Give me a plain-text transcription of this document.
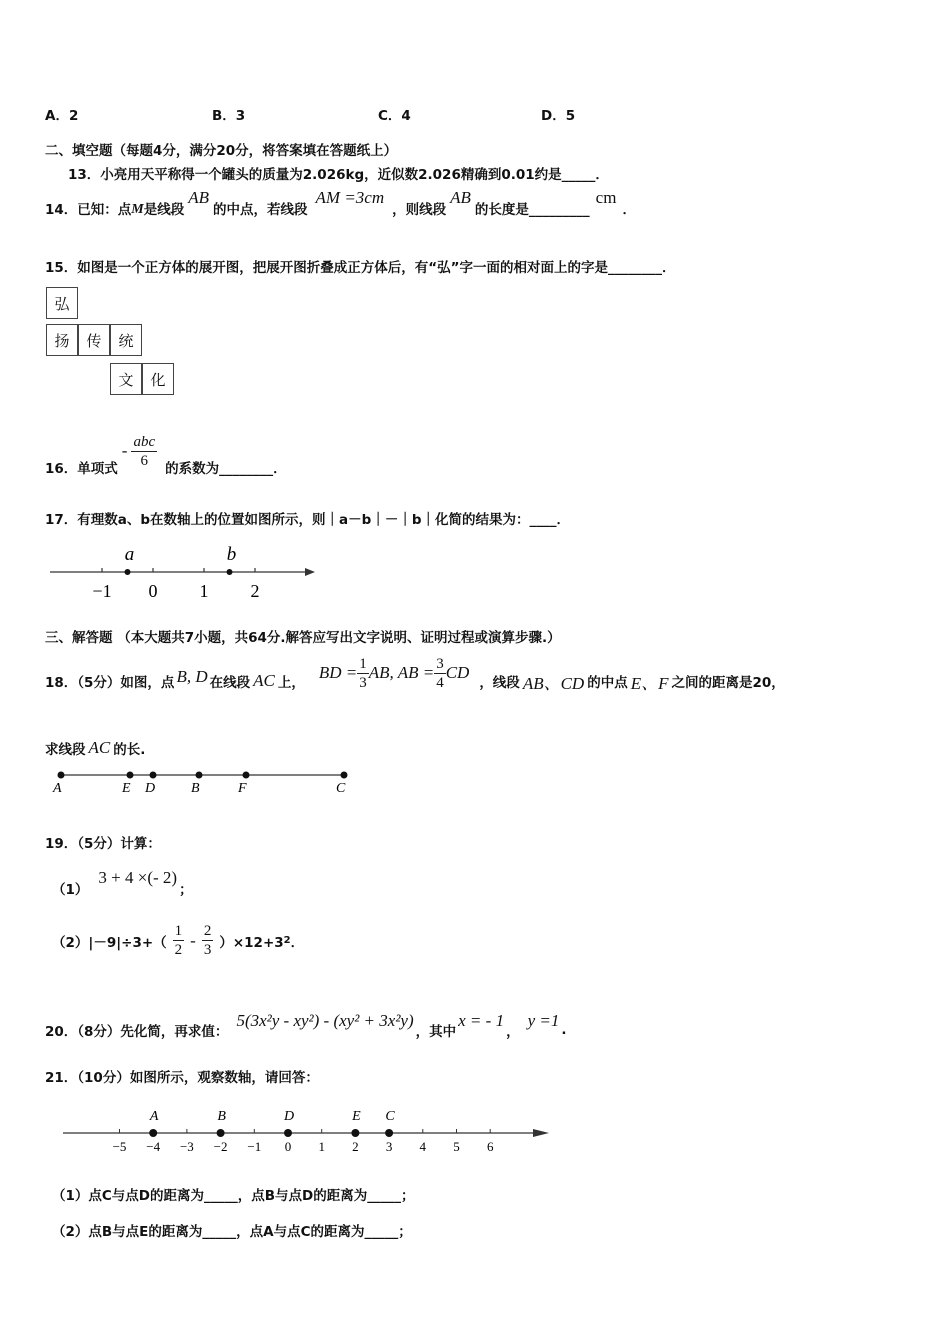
A．2	B．3	C．4	D．5
二、填空题（每题4分，满分20分，将答案填在答题纸上）
13．小亮用天平称得一个罐头的质量为2.026kg，近似数2.026精确到0.01约是_____．
14．已知：点 M 是线段
AB
的中点，若线段
AM =3cm
，则线段
AB
的长度是_________
cm
．
15．如图是一个正方体的展开图，把展开图折叠成正方体后，有“弘”字一面的相对面上的字是________．
弘
扬	传	统
文	化
16．单项式
- $\frac{\text{abc}}{6}$ 的系数为________．
17．有理数a、b在数轴上的位置如图所示，则｜a－b｜－｜b｜化简的结果为：____．
−1 0 1 2
a	b
三、解答题 （本大题共7小题，共64分.解答应写出文字说明、证明过程或演算步骤.）
18．（5分）如图，点 B, D 在线段 AC 上，
BD = $\frac{1}{3}$ AB, AB = $\frac{3}{4}$ CD
，线段 AB、CD 的中点 E、F 之间的距离是20，
求线段 AC 的长.
A	E D	B	F	C
19．（5分）计算：
（1）
3 + 4 ×(- 2)
；
$(2)|-9|\div 3+( \frac{1}{2} - \frac{2}{3} )\times 12+3$ 2 ．
20．（8分）先化简，再求值：
5(3x²y - xy²) - (xy² + 3x²y)
，其中
x = - 1
，
y =1 .
21．（10分）如图所示，观察数轴，请回答：
−5 −4 −3 −2 −1 0 1 2 3 4 5 6
A	B	D	E C
（1）点C与点D的距离为_____，点B与点D的距离为_____；
（2）点B与点E的距离为_____，点A与点C的距离为_____；
